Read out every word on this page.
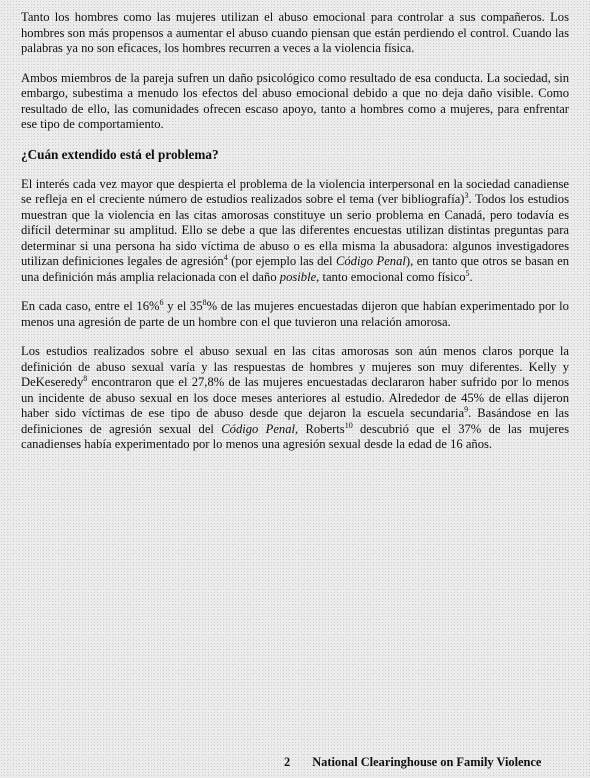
Tanto los hombres como las mujeres utilizan el abuso emocional para controlar a sus compañeros. Los hombres son más propensos a aumentar el abuso cuando piensan que están perdiendo el control. Cuando las palabras ya no son eficaces, los hombres recurren a veces a la violencia física.

Ambos miembros de la pareja sufren un daño psicológico como resultado de esa conducta. La sociedad, sin embargo, subestima a menudo los efectos del abuso emocional debido a que no deja daño visible. Como resultado de ello, las comunidades ofrecen escaso apoyo, tanto a hombres como a mujeres, para enfrentar ese tipo de comportamiento.

¿Cuán extendido está el problema?

El interés cada vez mayor que despierta el problema de la violencia interpersonal en la sociedad canadiense se refleja en el creciente número de estudios realizados sobre el tema (ver bibliografía)$^3$. Todos los estudios muestran que la violencia en las citas amorosas constituye un serio problema en Canadá, pero todavía es difícil determinar su amplitud. Ello se debe a que las diferentes encuestas utilizan distintas preguntas para determinar si una persona ha sido víctima de abuso o es ella misma la abusadora: algunos investigadores utilizan definiciones legales de agresión$^4$ (por ejemplo las del Código Penal), en tanto que otros se basan en una definición más amplia relacionada con el daño posible, tanto emocional como físico$^5$.

En cada caso, entre el 16%$^6$ y el $35^8\%$ de las mujeres encuestadas dijeron que habían experimentado por lo menos una agresión de parte de un hombre con el que tuvieron una relación amorosa.

Los estudios realizados sobre el abuso sexual en las citas amorosas son aún menos claros porque la definición de abuso sexual varía y las respuestas de hombres y mujeres son muy diferentes. Kelly y DeKeseredy$^8$ encontraron que el 27,8% de las mujeres encuestadas declararon haber sufrido por lo menos un incidente de abuso sexual en los doce meses anteriores al estudio. Alrededor de 45% de ellas dijeron haber sido víctimas de ese tipo de abuso desde que dejaron la escuela secundaria$^9$. Basándose en las definiciones de agresión sexual del Código Penal, Roberts$^{10}$ descubrió que el 37% de las mujeres canadienses había experimentado por lo menos una agresión sexual desde la edad de 16 años.

2 National Clearinghouse on Family Violence
